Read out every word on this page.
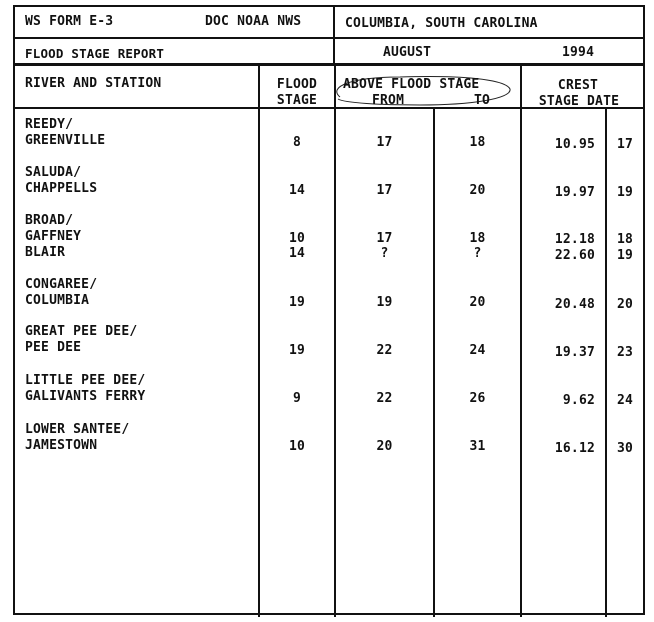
WS FORM E-3	DOC NOAA NWS	COLUMBIA, SOUTH CAROLINA
FLOOD STAGE REPORT	AUGUST	1994
RIVER AND STATION	FLOOD
STAGE
ABOVE FLOOD STAGE
FROM	TO
CREST
STAGE DATE
REEDY/
GREENVILLE	8	17	18	10.95	17
SALUDA/
CHAPPELLS	14	17	20	19.97	19
BROAD/
GAFFNEY	10	17	18	12.18	18
BLAIR	14	?	?	22.60	19
CONGAREE/
COLUMBIA	19	19	20	20.48	20
GREAT PEE DEE/
PEE DEE	19	22	24	19.37	23
LITTLE PEE DEE/
GALIVANTS FERRY	9	22	26	9.62	24
LOWER SANTEE/
JAMESTOWN	10	20	31	16.12	30
